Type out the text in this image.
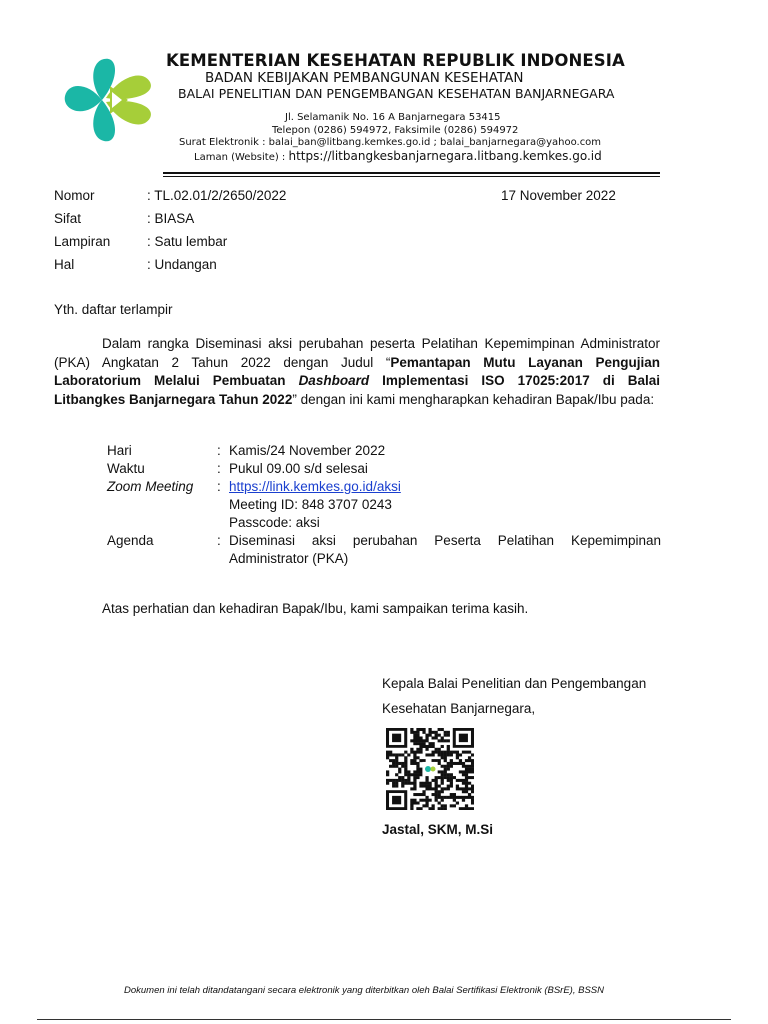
KEMENTERIAN KESEHATAN REPUBLIK INDONESIA
BADAN KEBIJAKAN PEMBANGUNAN KESEHATAN
BALAI PENELITIAN DAN PENGEMBANGAN KESEHATAN BANJARNEGARA
Jl. Selamanik No. 16 A Banjarnegara 53415
Telepon (0286) 594972, Faksimile (0286) 594972
Surat Elektronik : balai_ban@litbang.kemkes.go.id ; balai_banjarnegara@yahoo.com
Laman (Website) : https://litbangkesbanjarnegara.litbang.kemkes.go.id
Nomor	: TL.02.01/2/2650/2022	17 November 2022
Sifat	: BIASA
Lampiran	: Satu lembar
Hal	: Undangan
Yth. daftar terlampir
Dalam rangka Diseminasi aksi perubahan peserta Pelatihan Kepemimpinan Administrator (PKA) Angkatan 2 Tahun 2022 dengan Judul “Pemantapan Mutu Layanan Pengujian Laboratorium Melalui Pembuatan Dashboard Implementasi ISO 17025:2017 di Balai Litbangkes Banjarnegara Tahun 2022” dengan ini kami mengharapkan kehadiran Bapak/Ibu pada:
Hari	: Kamis/24 November 2022
Waktu	: Pukul 09.00 s/d selesai
Zoom Meeting : https://link.kemkes.go.id/aksi
Meeting ID: 848 3707 0243
Passcode: aksi
Agenda	: Diseminasi aksi perubahan Peserta Pelatihan Kepemimpinan Administrator (PKA)
Atas perhatian dan kehadiran Bapak/Ibu, kami sampaikan terima kasih.
Kepala Balai Penelitian dan Pengembangan
Kesehatan Banjarnegara,
Jastal, SKM, M.Si
Dokumen ini telah ditandatangani secara elektronik yang diterbitkan oleh Balai Sertifikasi Elektronik (BSrE), BSSN
